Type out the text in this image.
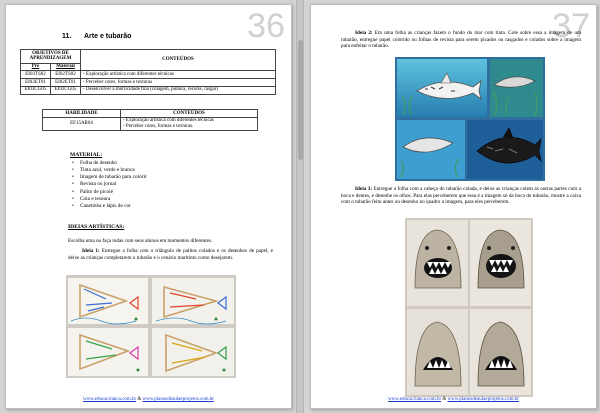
36
11. Arte e tubarão
OBJETIVOS DE APRENDIZAGEM		CONTEÚDOS
Pré	Material	
EI03TS02	EI02TS02	- Exploração artística com diferentes técnicas
EI03ET01	EI02ET01	- Perceber cores, formas e texturas
EI03CG05	EI02CG05	- Desenvolver a motricidade fina (colagem, pintura, recorte, rasgar)
HABILIDADE	CONTEÚDOS
EF15AR04	- Exploração artística com diferentes técnicas
- Perceber cores, formas e texturas.
MATERIAL:
• Folha de desenho
• Tinta azul, verde e branca
• Imagem de tubarão para colorir
• Revista ou jornal
• Palito de picolé
• Cola e tesoura
• Canetinha e lápis de cor
IDEIAS ARTÍSTICAS:

Escolha uma ou faça todas com seus alunos em momentos diferentes.

Ideia 1: Entregue a folha com o triângulo de palitos colados e os desenhos de papel, e deixe as crianças completarem o tubarão e o cenário marítimo como desejarem.

www.educacrianca.com.br & www.planosdeaulaeprojetos.com.br
37

Ideia 2: Em uma folha as crianças fazem o fundo do mar com tinta. Cole sobre essa a imagem de um tubarão, entregue papel colorido ou folhas de revista para serem picados ou rasgados e colados sobre a imagem para enfeitar o tubarão.

Ideia 3: Entregue a folha com a cabeça do tubarão colada, e deixe as crianças colem as outras partes com a boca e dentes, e desenhe os olhos. Para elas perceberem que essa é a imagem só da boca do tubarão, mostre a caixa com o tubarão feito antes ou desenho no quadro a imagem, para eles perceberem.

www.educacrianca.com.br & www.planosdeaulaeprojetos.com.br
